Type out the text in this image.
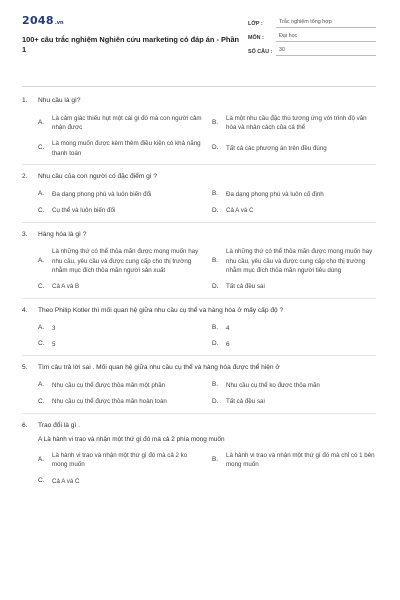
2048 .vn
100+ câu trắc nghiệm Nghiên cứu marketing có đáp án - Phần 1
LỚP :	Trắc nghiệm tổng hợp
MÔN :	Đại học
SỐ CÂU :	30
1.	Nhu cầu là gì?
A.
Là cảm giác thiếu hụt một cái gì đó mà con người cảm nhận được
B.
Là một nhu cầu đặc thù tương ứng với trình độ văn hóa và nhân cách của cá thể
C.
Là mong muốn được kèm thêm điều kiện có khả năng thanh toán
D.	Tất cả các phương án trên đều đúng
2.	Nhu cầu của con người có đặc điểm gì ?
A.	Đa dạng phong phú và luôn biến đổi	B.	Đa dạng phong phú và luôn cố định
C.	Cụ thể và luôn biến đổi	D.	Cả A và C
3.	Hàng hóa là gì ?
A.
Là những thứ có thể thỏa mãn được mong muốn hay nhu cầu, yêu cầu và được cung cấp cho thị trường nhằm mục đích thỏa mãn người sản xuất
B.
Là những thứ có thể thỏa mãn được mong muốn hay nhu cầu, yêu cầu và được cung cấp cho thị trường nhằm mục đích thỏa mãn người tiêu dùng
C.	Cả A và B	D.	Tất cả đều sai
4.	Theo Philip Kotler thì mối quan hệ giữa nhu cầu cụ thể và hàng hóa ở mấy cấp độ ?
A.	3	B.	4
C.	5	D.	6
5.	Tìm câu trả lời sai . Mối quan hệ giữa nhu cầu cụ thể và hàng hóa được thể hiện ở
A.	Nhu cầu cụ thể được thỏa mãn một phần	B.	Nhu cầu cụ thể ko được thỏa mãn
C.	Nhu cầu cụ thể được thỏa mãn hoàn toàn	D.	Tất cả đều sai
6.	Trao đổi là gì .
A Là hành vi trao và nhận một thứ gì đó mà cả 2 phía mong muốn
A.
Là hành vi trao và nhận một thứ gì đó mà cả 2 ko mong muốn
B.
Là hành vi trao và nhận một thứ gì đó mà chỉ có 1 bên mong muốn
C.	Cả A và C
